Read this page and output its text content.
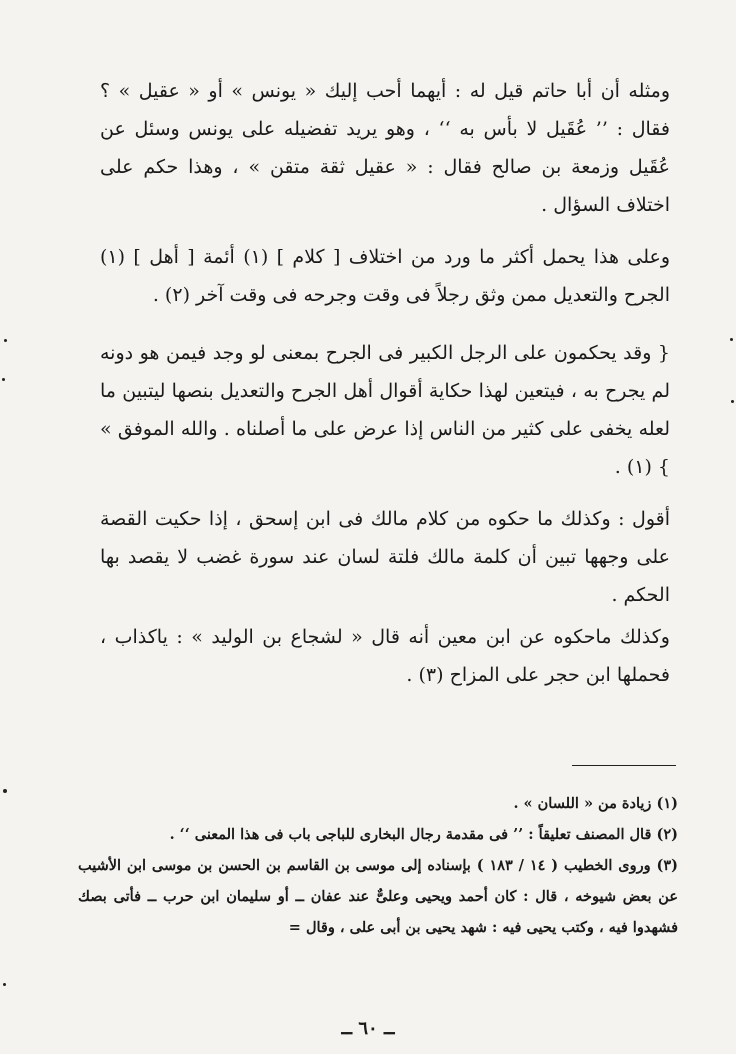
ومثله أن أبا حاتم قيل له : أيهما أحب إليك « يونس » أو « عقيل » ؟ فقال : ’’ عُقَيل لا بأس به ‘‘ ، وهو يريد تفضيله على يونس وسئل عن عُقَيل وزمعة بن صالح فقال : « عقيل ثقة متقن » ، وهذا حكم على اختلاف السؤال .

وعلى هذا يحمل أكثر ما ورد من اختلاف [ كلام ] (١) أئمة [ أهل ] (١) الجرح والتعديل ممن وثق رجلاً فى وقت وجرحه فى وقت آخر (٢) .

{ وقد يحكمون على الرجل الكبير فى الجرح بمعنى لو وجد فيمن هو دونه لم يجرح به ، فيتعين لهذا حكاية أقوال أهل الجرح والتعديل بنصها ليتبين ما لعله يخفى على كثير من الناس إذا عرض على ما أصلناه . والله الموفق » } (١) .

أقول : وكذلك ما حكوه من كلام مالك فى ابن إسحق ، إذا حكيت القصة على وجهها تبين أن كلمة مالك فلتة لسان عند سورة غضب لا يقصد بها الحكم .

وكذلك ماحكوه عن ابن معين أنه قال « لشجاع بن الوليد » : ياكذاب ، فحملها ابن حجر على المزاح (٣) .

(١) زيادة من « اللسان » .

(٢) قال المصنف تعليقاً : ’’ فى مقدمة رجال البخارى للباجى باب فى هذا المعنى ‘‘ .

(٣) وروى الخطيب ( ١٤ / ١٨٣ ) بإسناده إلى موسى بن القاسم بن الحسن بن موسى ابن الأشيب عن بعض شيوخه ، قال : كان أحمد ويحيى وعلىٌّ عند عفان ــ أو سليمان ابن حرب ــ فأتى بصك فشهدوا فيه ، وكتب يحيى فيه : شهد يحيى بن أبى على ، وقال =

ــ ٦٠ ــ
